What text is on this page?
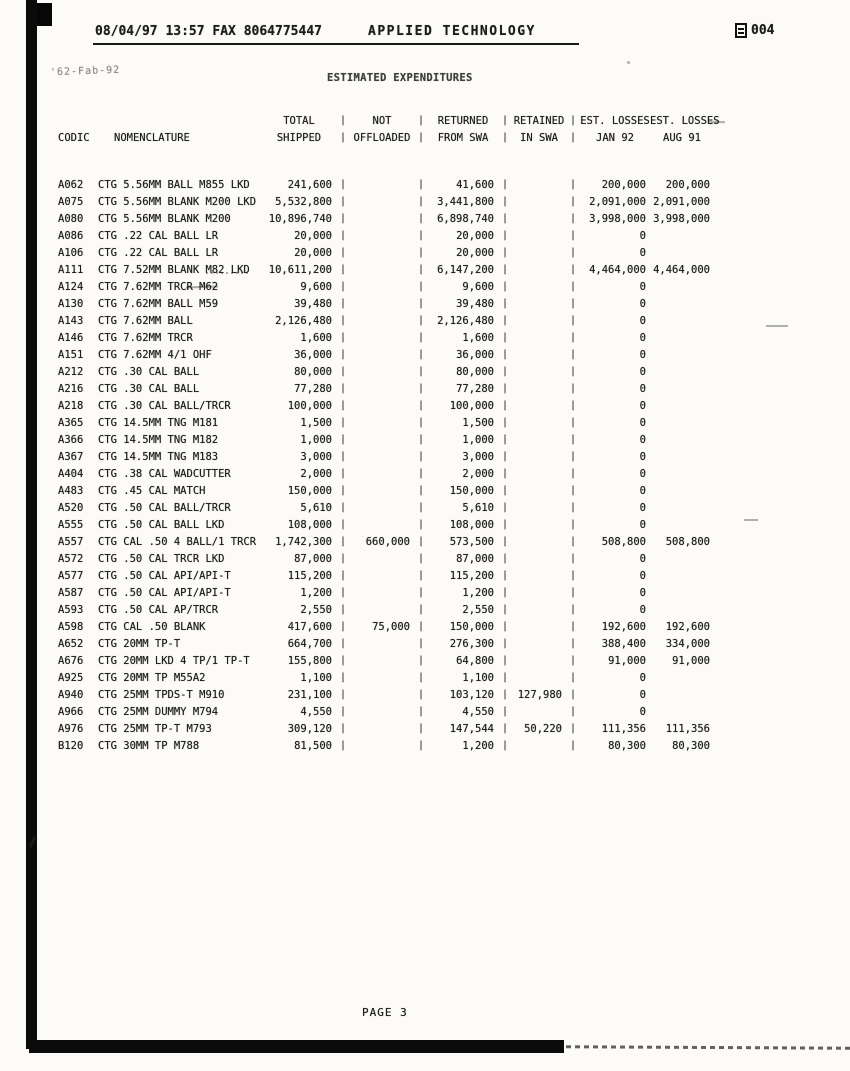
08/04/97 13:57 FAX 8064775447	APPLIED TECHNOLOGY	004
'62-Fab-92	ESTIMATED EXPENDITURES
		TOTAL	|	NOT	|	RETURNED	|	RETAINED	|	EST. LOSSES	EST. LOSSES
CODIC	NOMENCLATURE	SHIPPED	|	OFFLOADED	|	FROM SWA	|	IN SWA	|	JAN 92	AUG 91
A062	CTG 5.56MM BALL M855 LKD	241,600	|		|	41,600	|		|	200,000	200,000
A075	CTG 5.56MM BLANK M200 LKD	5,532,800	|		|	3,441,800	|		|	2,091,000	2,091,000
A080	CTG 5.56MM BLANK M200	10,896,740	|		|	6,898,740	|		|	3,998,000	3,998,000
A086	CTG .22 CAL BALL LR	20,000	|		|	20,000	|		|	0	
A106	CTG .22 CAL BALL LR	20,000	|		|	20,000	|		|	0	
A111	CTG 7.52MM BLANK M82 LKD	10,611,200	|		|	6,147,200	|		|	4,464,000	4,464,000
A124	CTG 7.62MM TRCR M62	9,600	|		|	9,600	|		|	0	
A130	CTG 7.62MM BALL M59	39,480	|		|	39,480	|		|	0	
A143	CTG 7.62MM BALL	2,126,480	|		|	2,126,480	|		|	0	
A146	CTG 7.62MM TRCR	1,600	|		|	1,600	|		|	0	
A151	CTG 7.62MM 4/1 OHF	36,000	|		|	36,000	|		|	0	
A212	CTG .30 CAL BALL	80,000	|		|	80,000	|		|	0	
A216	CTG .30 CAL BALL	77,280	|		|	77,280	|		|	0	
A218	CTG .30 CAL BALL/TRCR	100,000	|		|	100,000	|		|	0	
A365	CTG 14.5MM TNG M181	1,500	|		|	1,500	|		|	0	
A366	CTG 14.5MM TNG M182	1,000	|		|	1,000	|		|	0	
A367	CTG 14.5MM TNG M183	3,000	|		|	3,000	|		|	0	
A404	CTG .38 CAL WADCUTTER	2,000	|		|	2,000	|		|	0	
A483	CTG .45 CAL MATCH	150,000	|		|	150,000	|		|	0	
A520	CTG .50 CAL BALL/TRCR	5,610	|		|	5,610	|		|	0	
A555	CTG .50 CAL BALL LKD	108,000	|		|	108,000	|		|	0	
A557	CTG CAL .50 4 BALL/1 TRCR	1,742,300	|	660,000	|	573,500	|		|	508,800	508,800
A572	CTG .50 CAL TRCR LKD	87,000	|		|	87,000	|		|	0	
A577	CTG .50 CAL API/API-T	115,200	|		|	115,200	|		|	0	
A587	CTG .50 CAL API/API-T	1,200	|		|	1,200	|		|	0	
A593	CTG .50 CAL AP/TRCR	2,550	|		|	2,550	|		|	0	
A598	CTG CAL .50 BLANK	417,600	|	75,000	|	150,000	|		|	192,600	192,600
A652	CTG 20MM TP-T	664,700	|		|	276,300	|		|	388,400	334,000
A676	CTG 20MM LKD 4 TP/1 TP-T	155,800	|		|	64,800	|		|	91,000	91,000
A925	CTG 20MM TP M55A2	1,100	|		|	1,100	|		|	0	
A940	CTG 25MM TPDS-T M910	231,100	|		|	103,120	|	127,980	|	0	
A966	CTG 25MM DUMMY M794	4,550	|		|	4,550	|		|	0	
A976	CTG 25MM TP-T M793	309,120	|		|	147,544	|	50,220	|	111,356	111,356
B120	CTG 30MM TP M788	81,500	|		|	1,200	|		|	80,300	80,300
PAGE 3
